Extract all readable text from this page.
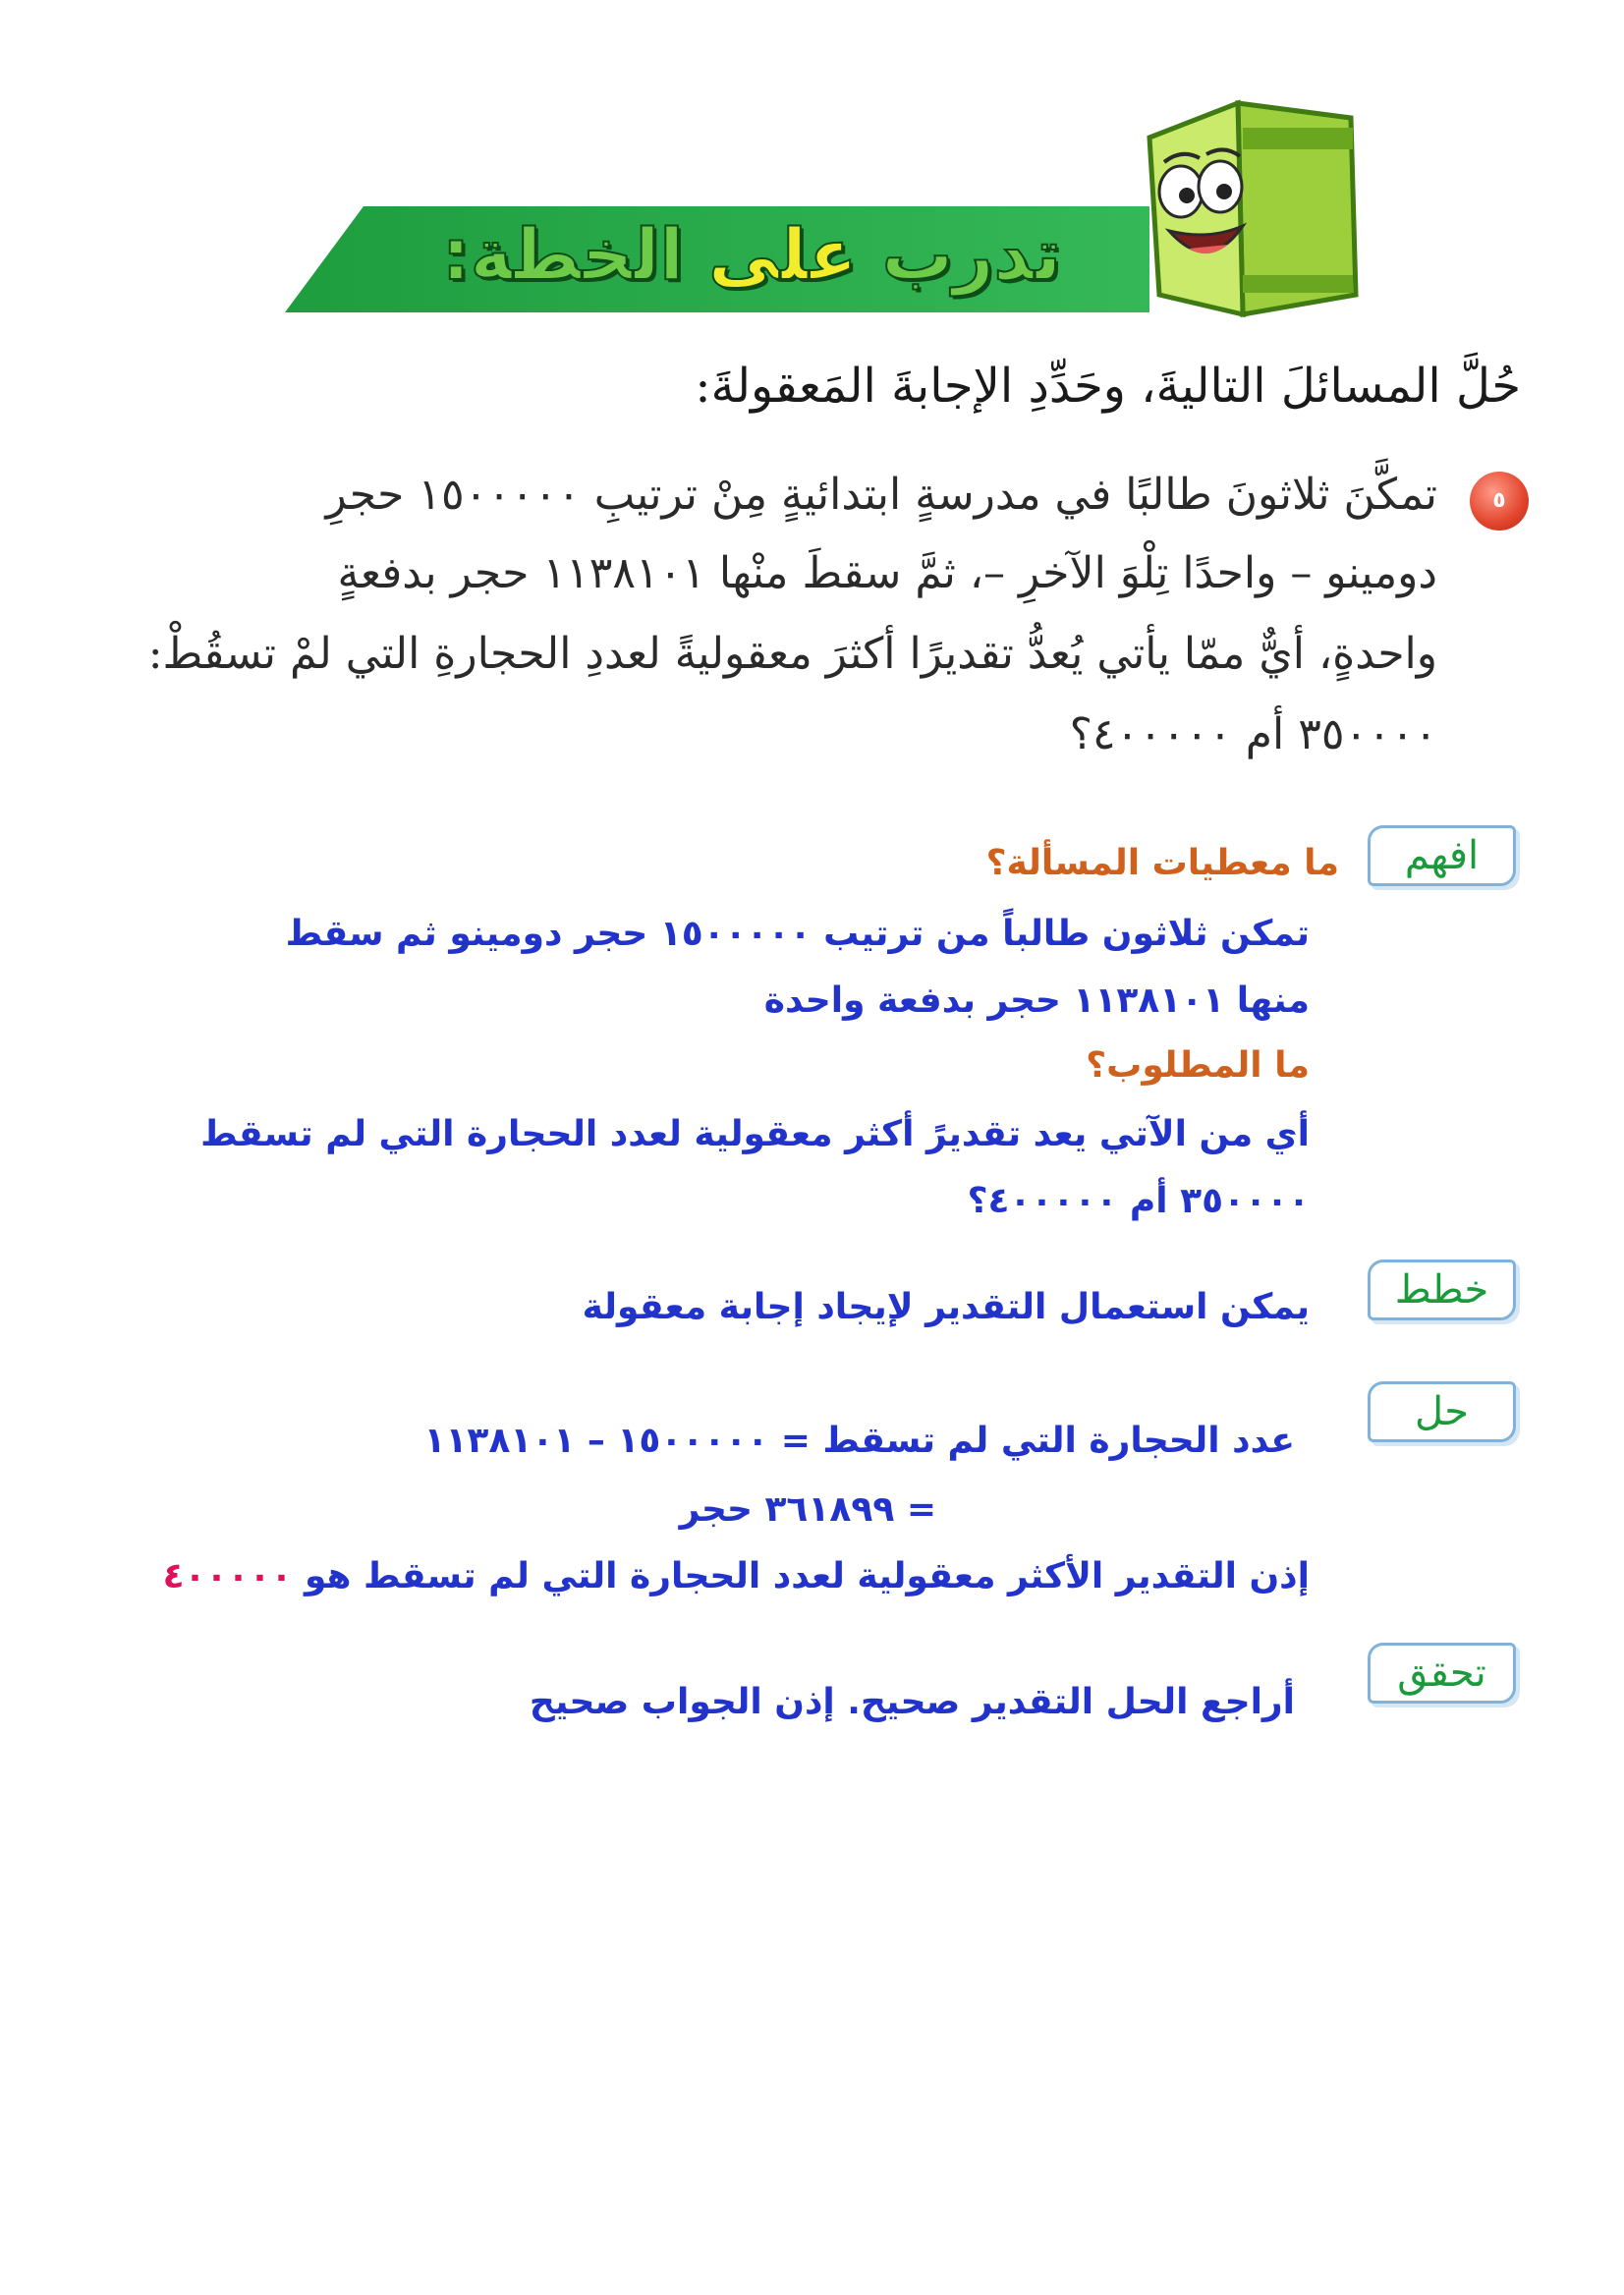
تدرب على الخطة:
حُلَّ المسائلَ التاليةَ، وحَدِّدِ الإجابةَ المَعقولةَ:
٥
تمكَّنَ ثلاثونَ طالبًا في مدرسةٍ ابتدائيةٍ مِنْ ترتيبِ ١٥٠٠٠٠٠ حجرِ
دومينو – واحدًا تِلْوَ الآخرِ –، ثمَّ سقطَ منْها ١١٣٨١٠١ حجر بدفعةٍ
واحدةٍ، أيٌّ ممّا يأتي يُعدُّ تقديرًا أكثرَ معقوليةً لعددِ الحجارةِ التي لمْ تسقُطْ:
٣٥٠٠٠٠ أم ٤٠٠٠٠٠؟
افهم
ما معطيات المسألة؟
تمكن ثلاثون طالباً من ترتيب ١٥٠٠٠٠٠ حجر دومينو ثم سقط
منها ١١٣٨١٠١ حجر بدفعة واحدة
ما المطلوب؟
أي من الآتي يعد تقديرً أكثر معقولية لعدد الحجارة التي لم تسقط
٣٥٠٠٠٠ أم ٤٠٠٠٠٠؟
خطط
يمكن استعمال التقدير لإيجاد إجابة معقولة
حل
عدد الحجارة التي لم تسقط = ١٥٠٠٠٠٠ – ١١٣٨١٠١
= ٣٦١٨٩٩ حجر
إذن التقدير الأكثر معقولية لعدد الحجارة التي لم تسقط هو ٤٠٠٠٠٠
تحقق
أراجع الحل التقدير صحيح. إذن الجواب صحيح
